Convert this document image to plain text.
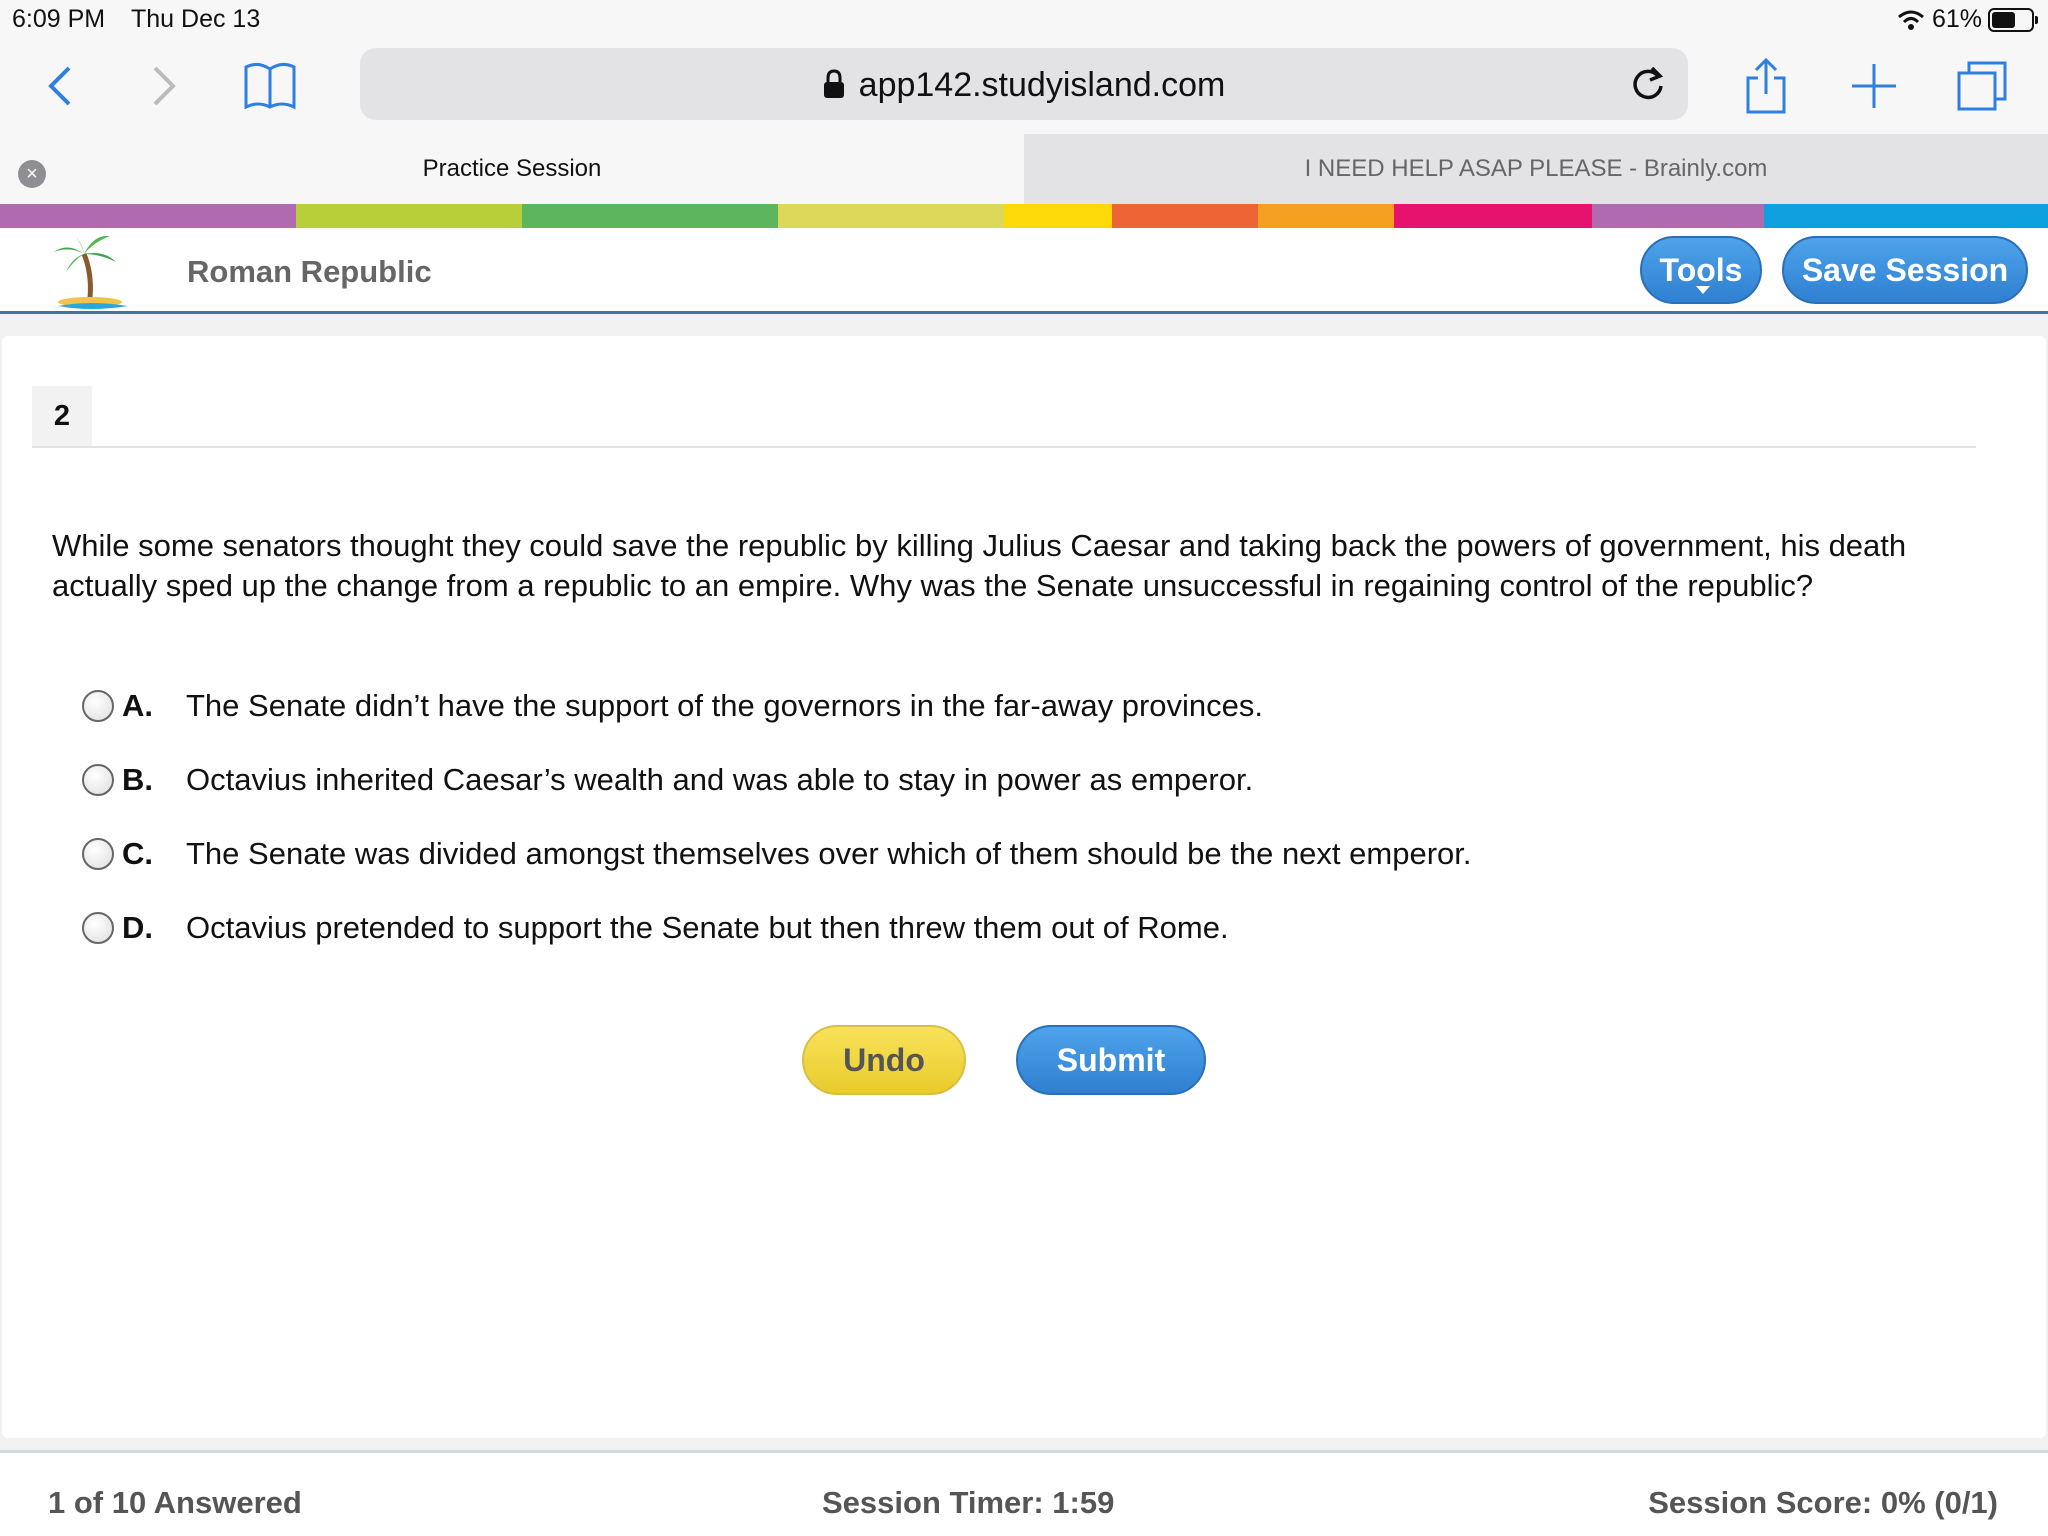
6:09 PM Thu Dec 13	61%
app142.studyisland.com
×	Practice Session	I NEED HELP ASAP PLEASE - Brainly.com
Roman Republic	Tools	Save Session
2
While some senators thought they could save the republic by killing Julius Caesar and taking back the powers of government, his death actually sped up the change from a republic to an empire. Why was the Senate unsuccessful in regaining control of the republic?
A.	The Senate didn’t have the support of the governors in the far-away provinces.
B.	Octavius inherited Caesar’s wealth and was able to stay in power as emperor.
C.	The Senate was divided amongst themselves over which of them should be the next emperor.
D.	Octavius pretended to support the Senate but then threw them out of Rome.
Undo	Submit
1 of 10 Answered	Session Timer: 1:59	Session Score: 0% (0/1)
